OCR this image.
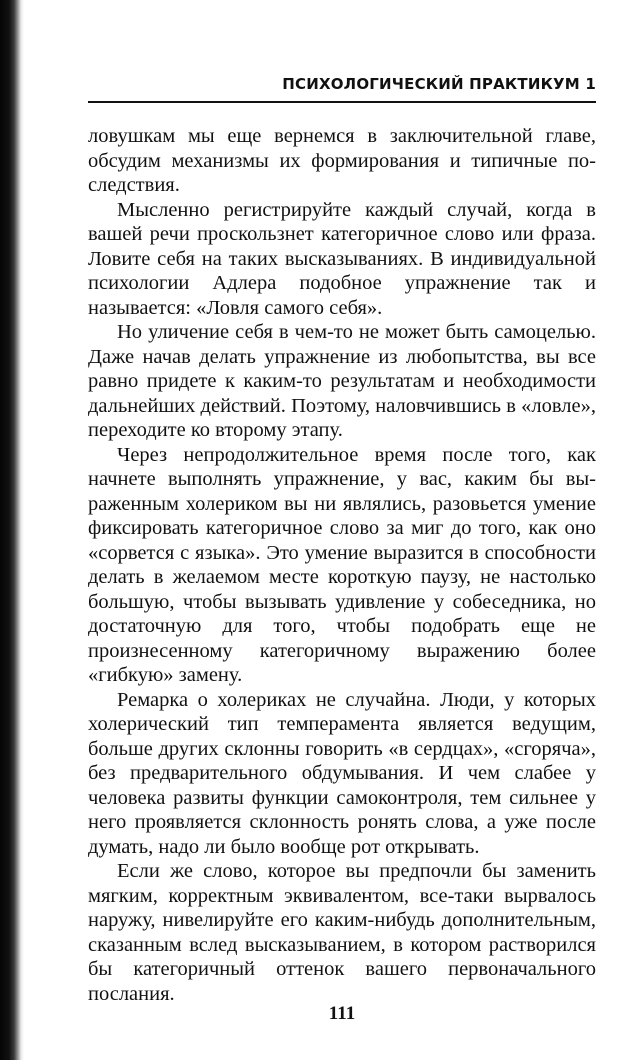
ПСИХОЛОГИЧЕСКИЙ ПРАКТИКУМ 1

ловушкам мы еще вернемся в заключительной главе, обсудим механизмы их формирования и типичные последствия.

Мысленно регистрируйте каждый случай, когда в вашей речи проскользнет категоричное слово или фраза. Ловите себя на таких высказываниях. В индивидуальной психологии Адлера подобное упражнение так и называется: «Ловля самого себя».

Но уличение себя в чем-то не может быть самоцелью. Даже начав делать упражнение из любопытства, вы все равно придете к каким-то результатам и необходимости дальнейших действий. Поэтому, наловчившись в «ловле», переходите ко второму этапу.

Через непродолжительное время после того, как начнете выполнять упражнение, у вас, каким бы выраженным холериком вы ни являлись, разовьется умение фиксировать категоричное слово за миг до того, как оно «сорвется с языка». Это умение выразится в способности делать в желаемом месте короткую паузу, не настолько большую, чтобы вызывать удивление у собеседника, но достаточную для того, чтобы подобрать еще не произнесенному категоричному выражению более «гибкую» замену.

Ремарка о холериках не случайна. Люди, у которых холерический тип темперамента является ведущим, больше других склонны говорить «в сердцах», «сгоряча», без предварительного обдумывания. И чем слабее у человека развиты функции самоконтроля, тем сильнее у него проявляется склонность ронять слова, а уже после думать, надо ли было вообще рот открывать.

Если же слово, которое вы предпочли бы заменить мягким, корректным эквивалентом, все-таки вырвалось наружу, нивелируйте его каким-нибудь дополнительным, сказанным вслед высказыванием, в котором растворился бы категоричный оттенок вашего первоначального послания.

111
